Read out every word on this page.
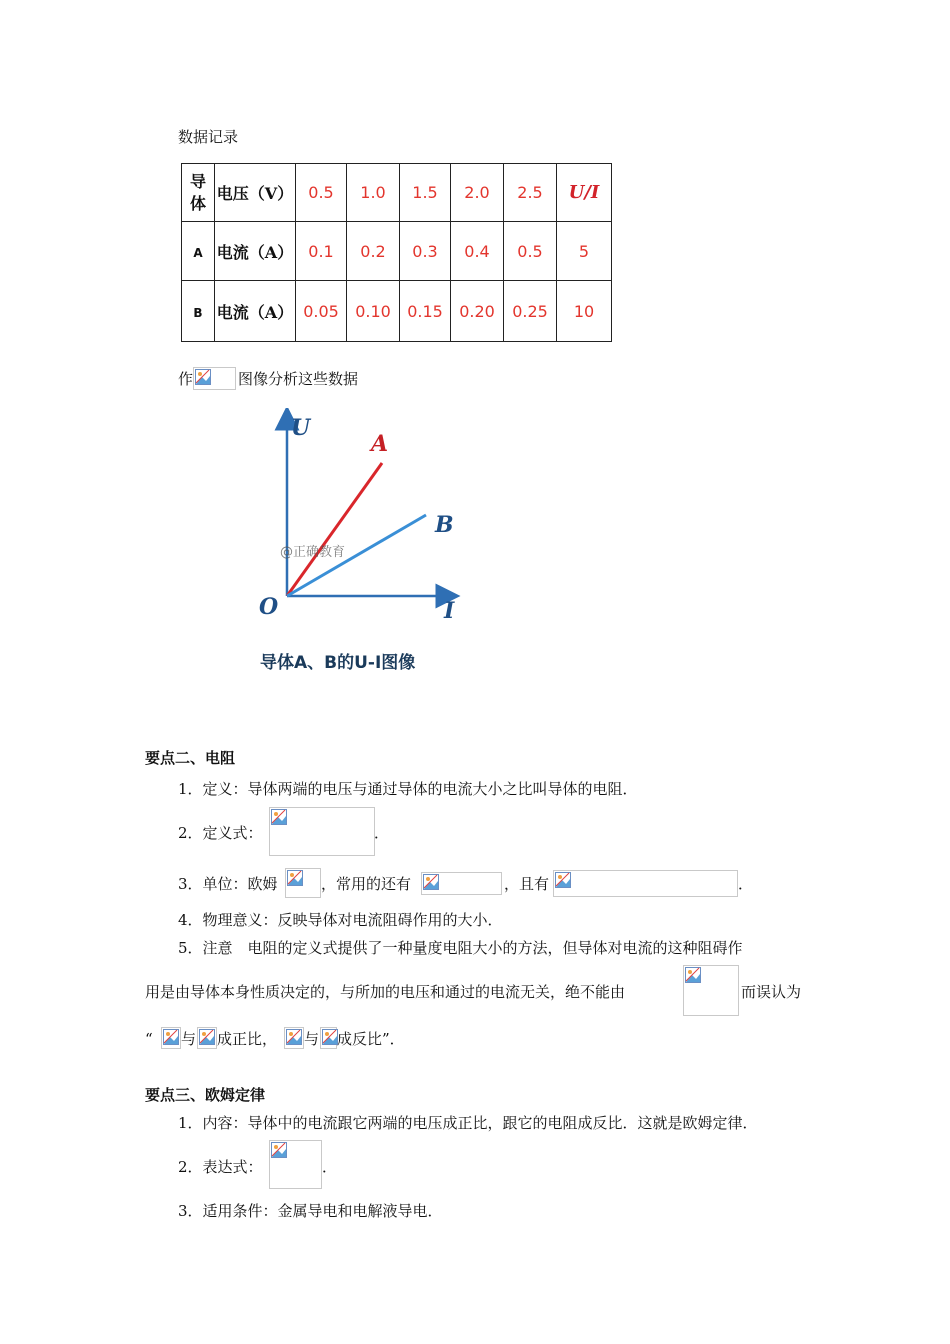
数据记录
导
体	电压（V）	0.5	1.0	1.5	2.0	2.5	U/I
A	电流（A）	0.1	0.2	0.3	0.4	0.5	5
B	电流（A）	0.05	0.10	0.15	0.20	0.25	10
作	图像分析这些数据
U
I
O
A
B
@正确教育
导体A、B的U-I图像
要点二、电阻
1．定义：导体两端的电压与通过导体的电流大小之比叫导体的电阻．
2．定义式：	．
3．单位：欧姆	，常用的还有	，且有	．
4．物理意义：反映导体对电流阻碍作用的大小．
5．注意　电阻的定义式提供了一种量度电阻大小的方法，但导体对电流的这种阻碍作
用是由导体本身性质决定的，与所加的电压和通过的电流无关，绝不能由	而误认为
“ 与 成正比， 与 成反比”．
要点三、欧姆定律
1．内容：导体中的电流跟它两端的电压成正比，跟它的电阻成反比．这就是欧姆定律．
2．表达式：	．
3．适用条件：金属导电和电解液导电．
